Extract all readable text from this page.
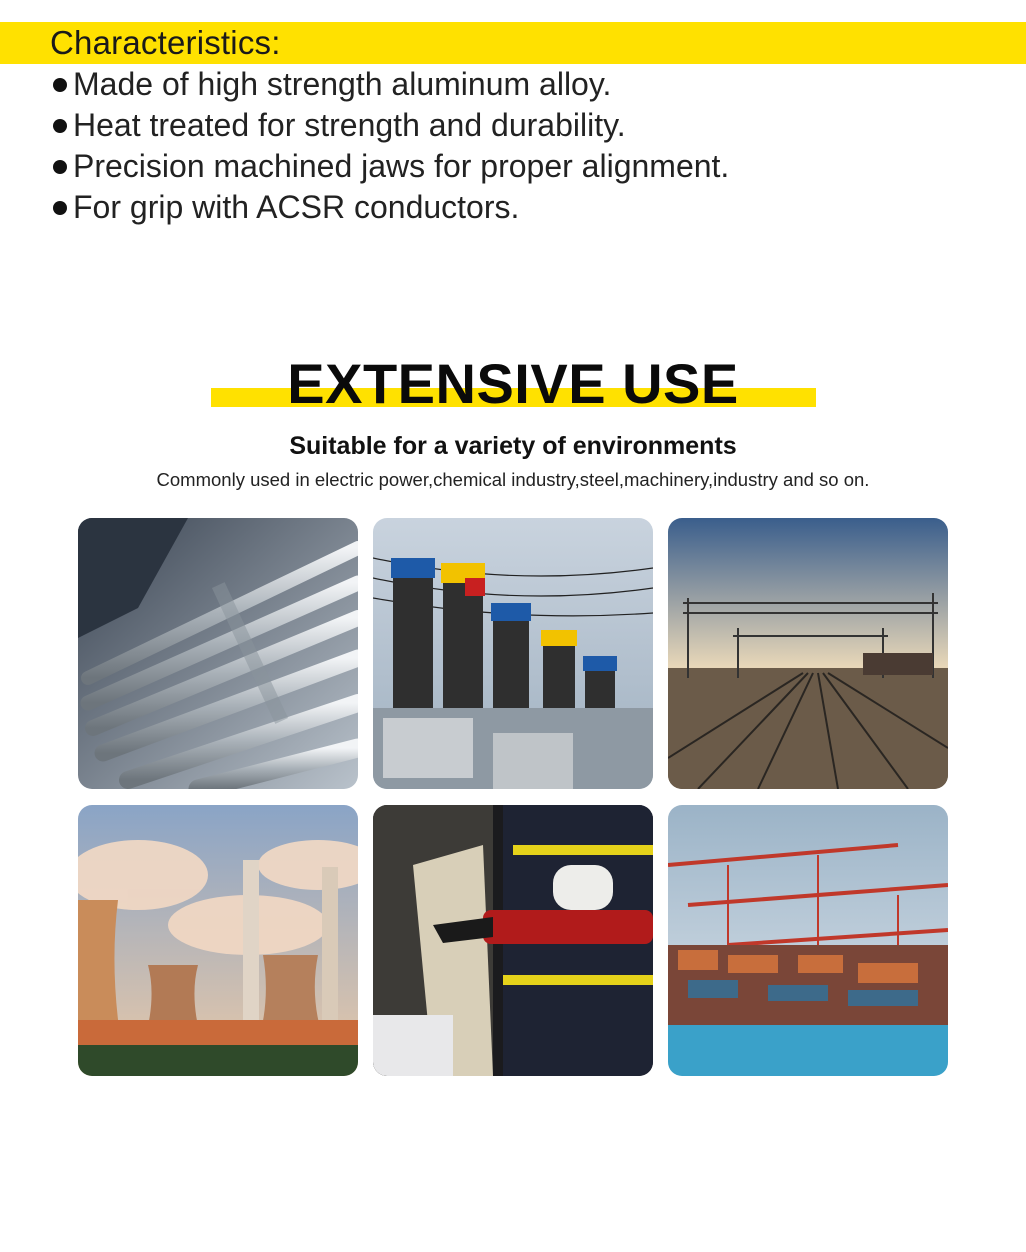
Characteristics:
Made of high strength aluminum alloy.
Heat treated for strength and durability.
Precision machined jaws for proper alignment.
For grip with ACSR conductors.
EXTENSIVE USE
Suitable for a variety of environments
Commonly used in electric power,chemical industry,steel,machinery,industry and so on.
